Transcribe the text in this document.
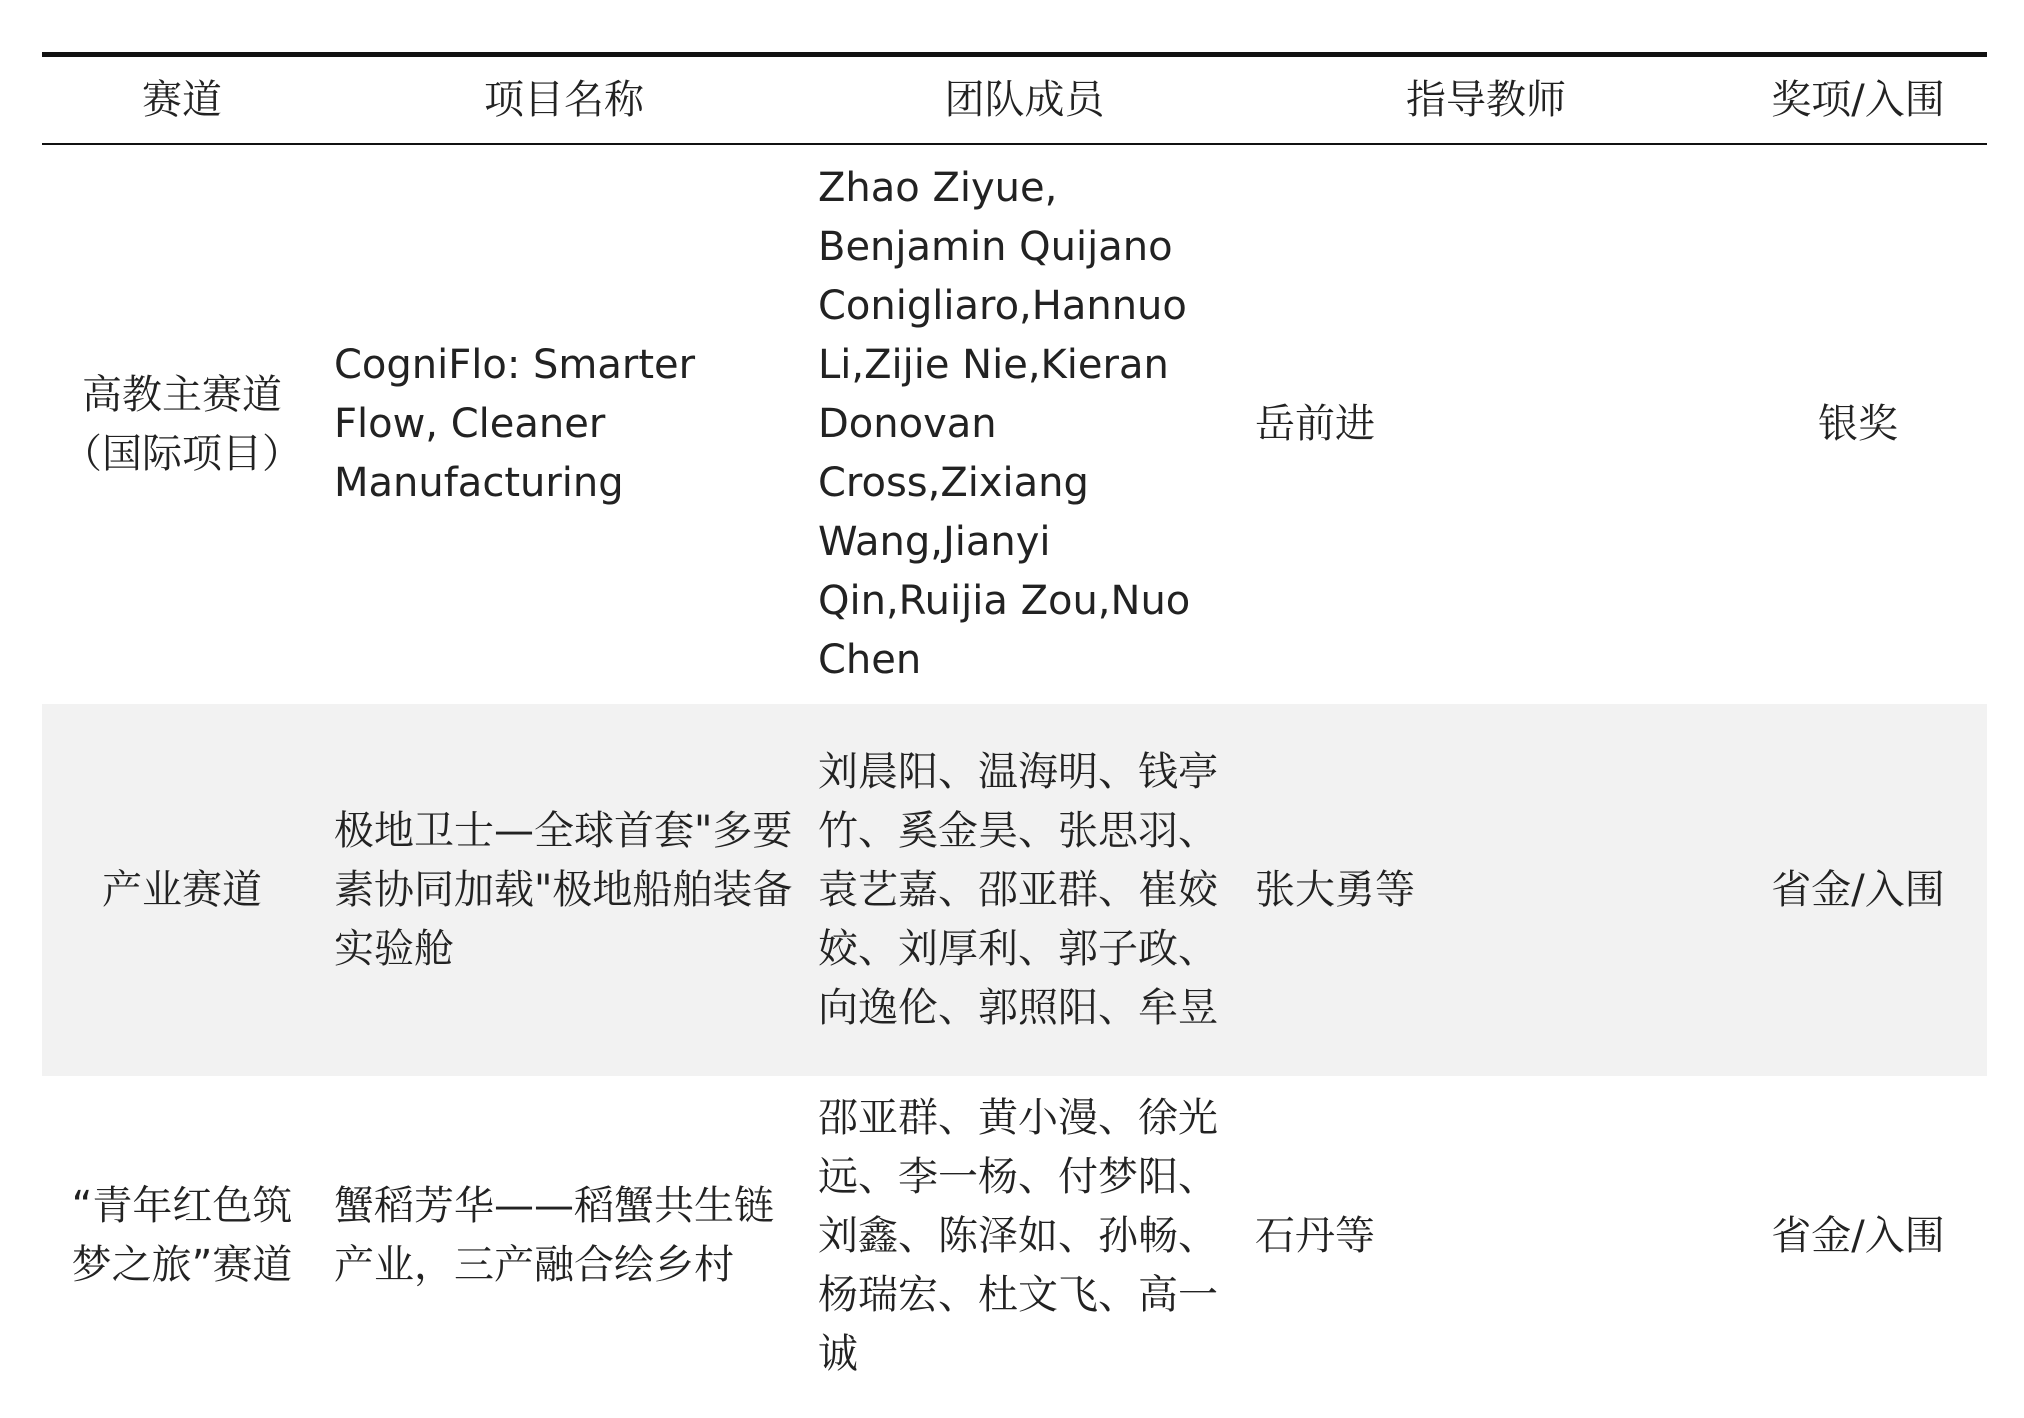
赛道	项目名称	团队成员	指导教师	奖项/入围
高教主赛道（国际项目）	CogniFlo: Smarter Flow, Cleaner Manufacturing	Zhao Ziyue, Benjamin Quijano Conigliaro,Hannuo Li,Zijie Nie,Kieran Donovan Cross,Zixiang Wang,Jianyi Qin,Ruijia Zou,Nuo Chen	岳前进	银奖
产业赛道	极地卫士—全球首套"多要素协同加载"极地船舶装备实验舱	刘晨阳、温海明、钱亭竹、奚金昊、张思羽、袁艺嘉、邵亚群、崔姣姣、刘厚利、郭子政、向逸伦、郭照阳、牟昱	张大勇等	省金/入围
“青年红色筑梦之旅”赛道	蟹稻芳华——稻蟹共生链产业，三产融合绘乡村	邵亚群、黄小漫、徐光远、李一杨、付梦阳、刘鑫、陈泽如、孙畅、杨瑞宏、杜文飞、高一诚	石丹等	省金/入围
